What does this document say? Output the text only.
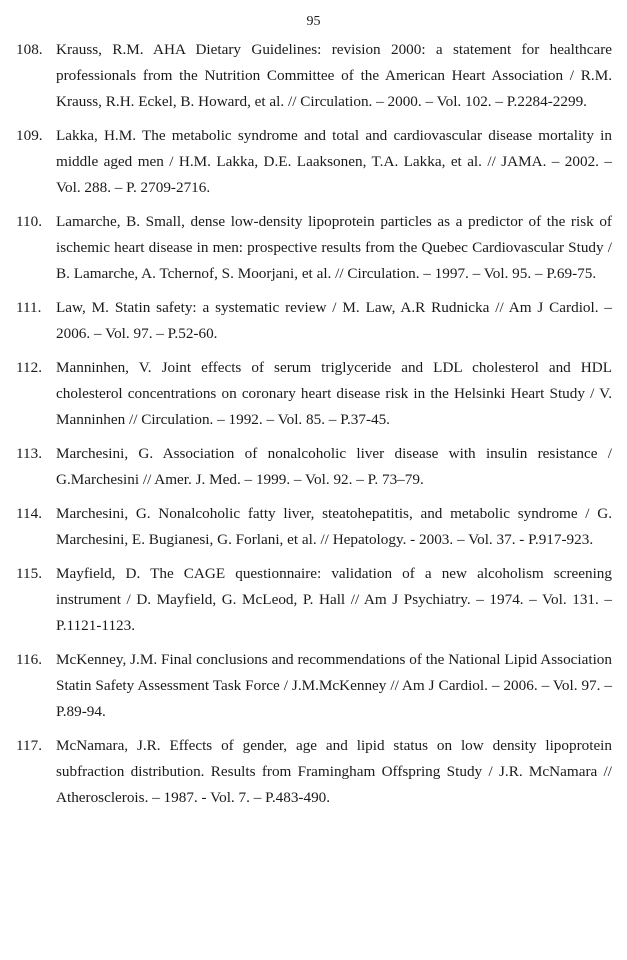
95
108. Krauss, R.M. AHA Dietary Guidelines: revision 2000: a statement for healthcare professionals from the Nutrition Committee of the American Heart Association / R.M. Krauss, R.H. Eckel, B. Howard, et al. // Circulation. – 2000. – Vol. 102. – P.2284-2299.
109. Lakka, H.M. The metabolic syndrome and total and cardiovascular disease mortality in middle aged men / H.M. Lakka, D.E. Laaksonen, T.A. Lakka, et al. // JAMA. – 2002. – Vol. 288. – P. 2709-2716.
110. Lamarche, B. Small, dense low-density lipoprotein particles as a predictor of the risk of ischemic heart disease in men: prospective results from the Quebec Cardiovascular Study / B. Lamarche, A. Tchernof, S. Moorjani, et al. // Circulation. – 1997. – Vol. 95. – P.69-75.
111. Law, M. Statin safety: a systematic review / M. Law, A.R Rudnicka // Am J Cardiol. – 2006. – Vol. 97. – P.52-60.
112. Manninhen, V. Joint effects of serum triglyceride and LDL cholesterol and HDL cholesterol concentrations on coronary heart disease risk in the Helsinki Heart Study / V. Manninhen // Circulation. – 1992. – Vol. 85. – P.37-45.
113. Marchesini, G. Association of nonalcoholic liver disease with insulin resistance / G.Marchesini // Amer. J. Med. – 1999. – Vol. 92. – P. 73–79.
114. Marchesini, G. Nonalcoholic fatty liver, steatohepatitis, and metabolic syndrome / G. Marchesini, E. Bugianesi, G. Forlani, et al. // Hepatology. - 2003. – Vol. 37. - P.917-923.
115. Mayfield, D. The CAGE questionnaire: validation of a new alcoholism screening instrument / D. Mayfield, G. McLeod, P. Hall // Am J Psychiatry. – 1974. – Vol. 131. – P.1121-1123.
116. McKenney, J.M. Final conclusions and recommendations of the National Lipid Association Statin Safety Assessment Task Force / J.M.McKenney // Am J Cardiol. – 2006. – Vol. 97. – P.89-94.
117. McNamara, J.R. Effects of gender, age and lipid status on low density lipoprotein subfraction distribution. Results from Framingham Offspring Study / J.R. McNamara // Atherosclerois. – 1987. - Vol. 7. – P.483-490.
